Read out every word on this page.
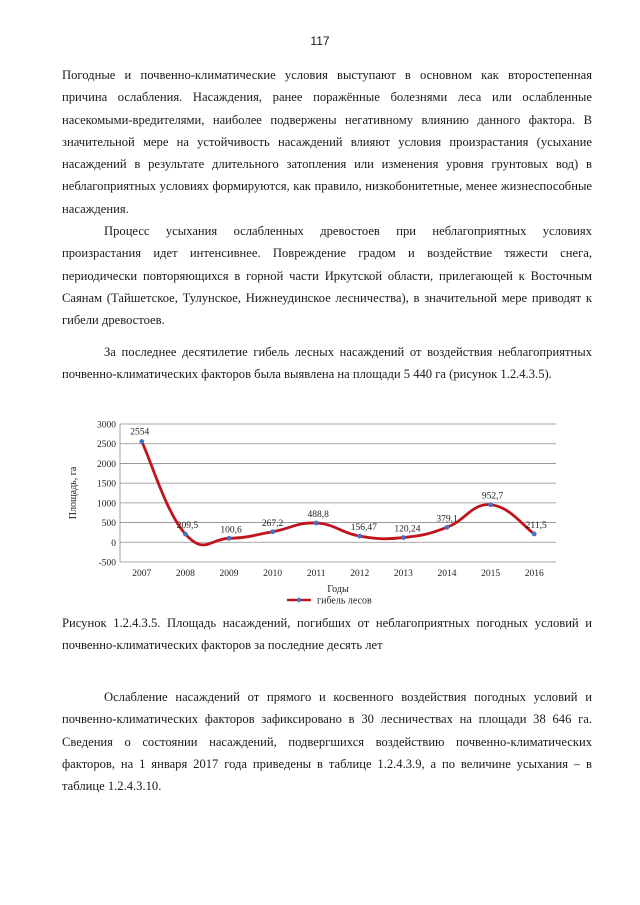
117

Погодные и почвенно-климатические условия выступают в основном как второстепенная причина ослабления. Насаждения, ранее поражённые болезнями леса или ослабленные насекомыми-вредителями, наиболее подвержены негативному влиянию данного фактора. В значительной мере на устойчивость насаждений влияют условия произрастания (усыхание насаждений в результате длительного затопления или изменения уровня грунтовых вод) в неблагоприятных условиях формируются, как правило, низкобонитетные, менее жизнеспособные насаждения.

Процесс усыхания ослабленных древостоев при неблагоприятных условиях произрастания идет интенсивнее. Повреждение градом и воздействие тяжести снега, периодически повторяющихся в горной части Иркутской области, прилегающей к Восточным Саянам (Тайшетское, Тулунское, Нижнеудинское лесничества), в значительной мере приводят к гибели древостоев.

За последнее десятилетие гибель лесных насаждений от воздействия неблагоприятных почвенно-климатических факторов была выявлена на площади 5 440 га (рисунок 1.2.4.3.5).

3000
2500
2000
1500
1000
500
0
-500
2007	2008	2009	2010	2011	2012	2013	2014	2015	2016
2554
209,5 100,6
267,2
488,8
156,47 120,24
379,1
952,7
211,5
Площадь, га
Годы
гибель лесов

Рисунок 1.2.4.3.5. Площадь насаждений, погибших от неблагоприятных погодных условий и почвенно-климатических факторов за последние десять лет

Ослабление насаждений от прямого и косвенного воздействия погодных условий и почвенно-климатических факторов зафиксировано в 30 лесничествах на площади 38 646 га. Сведения о состоянии насаждений, подвергшихся воздействию почвенно-климатических факторов, на 1 января 2017 года приведены в таблице 1.2.4.3.9, а по величине усыхания – в таблице 1.2.4.3.10.
